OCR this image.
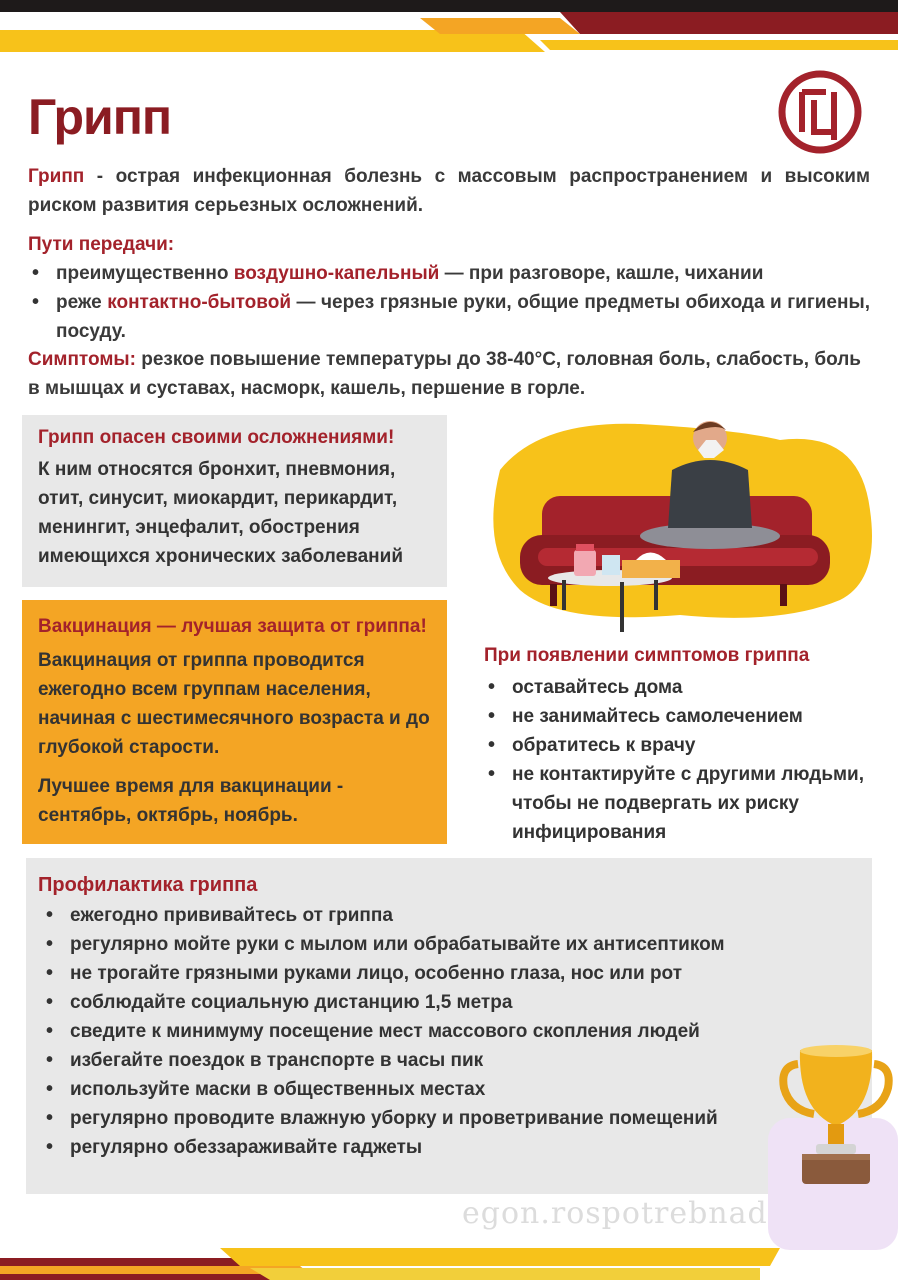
Грипп
Грипп - острая инфекционная болезнь с массовым распространением и высоким риском развития серьезных осложнений.
Пути передачи:
• преимущественно воздушно-капельный — при разговоре, кашле, чихании
• реже контактно-бытовой — через грязные руки, общие предметы обихода и гигиены, посуду.
Симптомы: резкое повышение температуры до 38-40°С, головная боль, слабость, боль в мышцах и суставах, насморк, кашель, першение в горле.
Грипп опасен своими осложнениями!
К ним относятся бронхит, пневмония, отит, синусит, миокардит, перикардит, менингит, энцефалит, обострения имеющихся хронических заболеваний
Вакцинация — лучшая защита от гриппа!
Вакцинация от гриппа проводится ежегодно всем группам населения, начиная с шестимесячного возраста и до глубокой старости.
Лучшее время для вакцинации - сентябрь, октябрь, ноябрь.
При появлении симптомов гриппа
• оставайтесь дома
• не занимайтесь самолечением
• обратитесь к врачу
• не контактируйте с другими людьми, чтобы не подвергать их риску инфицирования
Профилактика гриппа
• ежегодно прививайтесь от гриппа
• регулярно мойте руки с мылом или обрабатывайте их антисептиком
• не трогайте грязными руками лицо, особенно глаза, нос или рот
• соблюдайте социальную дистанцию 1,5 метра
• сведите к минимуму посещение мест массового скопления людей
• избегайте поездок в транспорте в часы пик
• используйте маски в общественных местах
• регулярно проводите влажную уборку и проветривание помещений
• регулярно обеззараживайте гаджеты
egon.rospotrebnad
